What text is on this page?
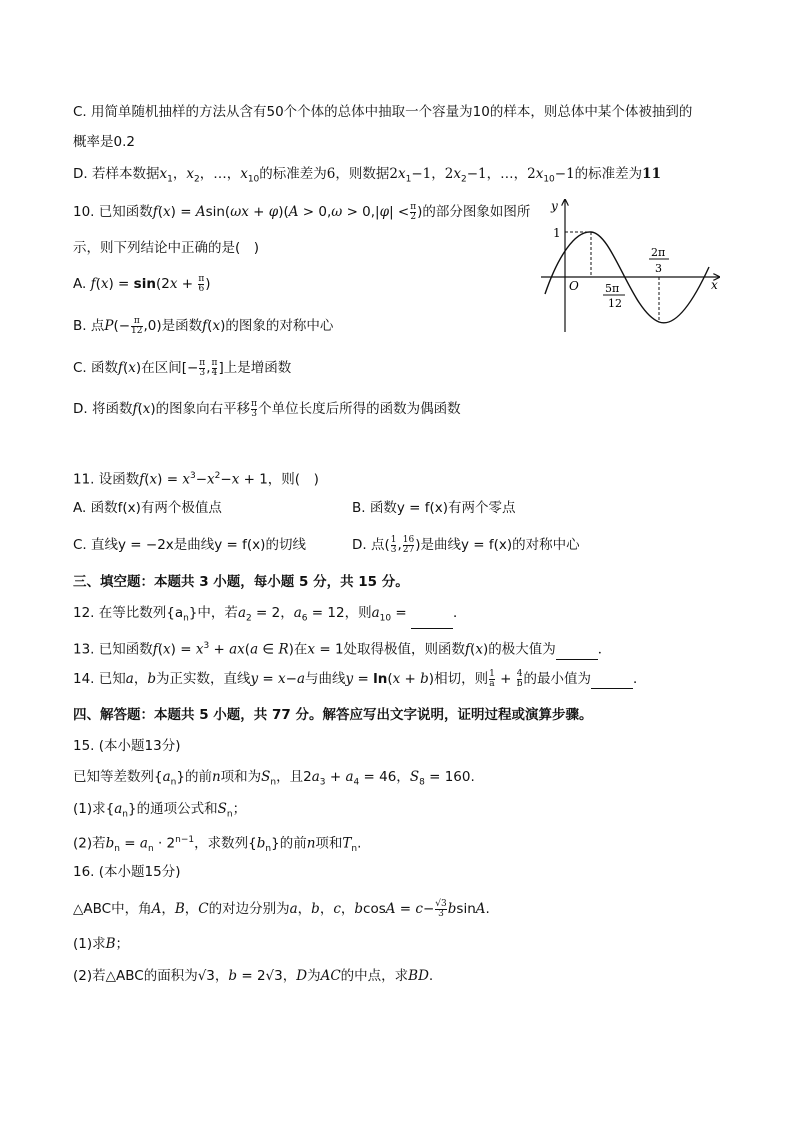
C. 用简单随机抽样的方法从含有50个个体的总体中抽取一个容量为10的样本，则总体中某个体被抽到的
概率是0.2
D. 若样本数据$x_1$，$x_2$，…，$x_{10}$的标准差为6，则数据$2x_1-1$，$2x_2-1$，…，$2x_{10}-1$的标准差为11
10. 已知函数$f(x) = Asin(\omega x + \varphi)(A > 0,\omega > 0,|\varphi| < \frac{\pi}{2}$ )的部分图象如图所
示，则下列结论中正确的是(　)
A. $f(x) = \sin(2x + \frac{\pi}{6}$ )
B. 点$P(- \frac{\pi}{12} ,0)$是函数f(x)的图象的对称中心
C. 函数f(x)在区间[− $\frac{\pi}{3}$ , $\frac{\pi}{4}$ ]上是增函数
D. 将函数f(x)的图象向右平移 $\frac{\pi}{3}$ 个单位长度后所得的函数为偶函数
y
x
O
1
5π
12
2π
3
11. 设函数$f(x) = x^3-x^2-x + 1$，则(　)
A. 函数f(x)有两个极值点	B. 函数y = f(x)有两个零点
C. 直线y = −2x是曲线y = f(x)的切线	D. 点( $\frac{1}{3}$ , $\frac{16}{27}$ )是曲线y = f(x)的对称中心
三、填空题：本题共 3 小题，每小题 5 分，共 15 分。
12. 在等比数列$\{a_n\}$中，若$a_2 = 2$，$a_6 = 12$，则$a_{10}$ =	．
13. 已知函数$f(x) = x^3 + ax(a$ ∈ R)在x = 1处取得极值，则函数f(x)的极大值为	．
14. 已知a，b为正实数，直线y = x−a与曲线y = ln(x + b)相切，则 $\frac{1}{a} + \frac{4}{b}$ 的最小值为	．
四、解答题：本题共 5 小题，共 77 分。解答应写出文字说明，证明过程或演算步骤。
15. (本小题13分)
已知等差数列$\{a_n\}$的前n项和为$S_n$，且$2a_3 + a_4 = 46$，$S_8 = 160$.
(1)求$\{a_n\}$的通项公式和$S_n$；
(2)若$b_n = a_n \cdot 2^{n-1}$，求数列$\{b_n\}$的前n项和$T_n$.
16. (本小题15分)
△ABC中，角A，B，C的对边分别为a，b，c，$bcosA = c- \frac{√3}{3} bsinA$.
(1)求B；
(2)若△ABC的面积为√3，b = 2√3，D为AC的中点，求BD.
